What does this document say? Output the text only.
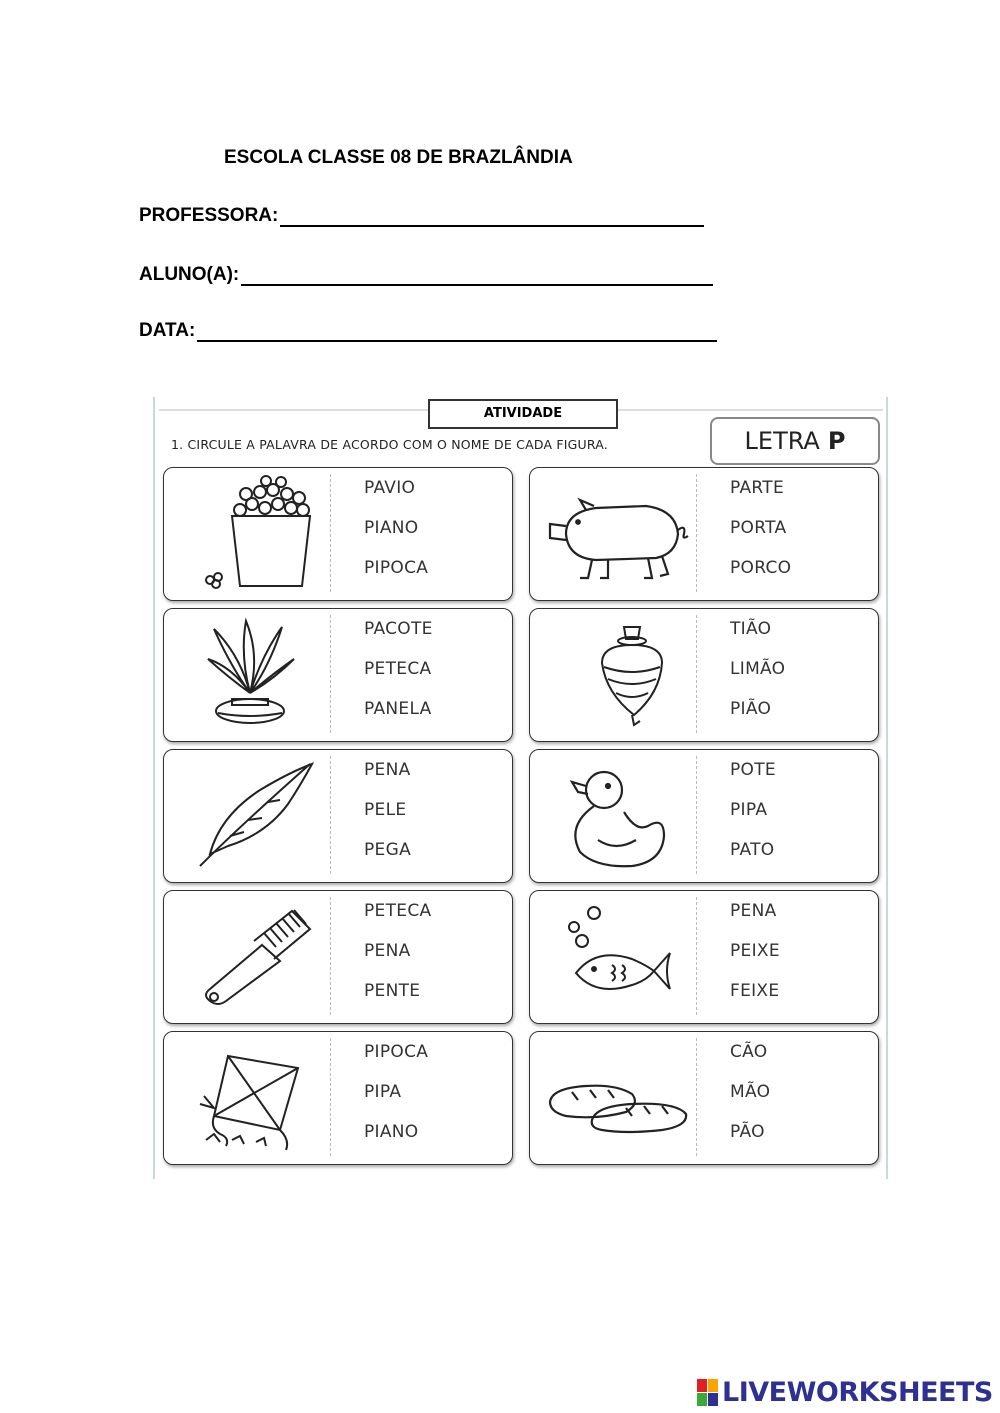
ESCOLA CLASSE 08 DE BRAZLÂNDIA
PROFESSORA:
ALUNO(A):
DATA:
ATIVIDADE
1. CIRCULE A PALAVRA DE ACORDO COM O NOME DE CADA FIGURA.	LETRA P
PAVIO
PIANO
PIPOCA
PARTE
PORTA
PORCO
PACOTE
PETECA
PANELA
TIÃO
LIMÃO
PIÃO
PENA
PELE
PEGA
POTE
PIPA
PATO
PETECA
PENA
PENTE
PENA
PEIXE
FEIXE
PIPOCA
PIPA
PIANO
CÃO
MÃO
PÃO
LIVEWORKSHEETS
